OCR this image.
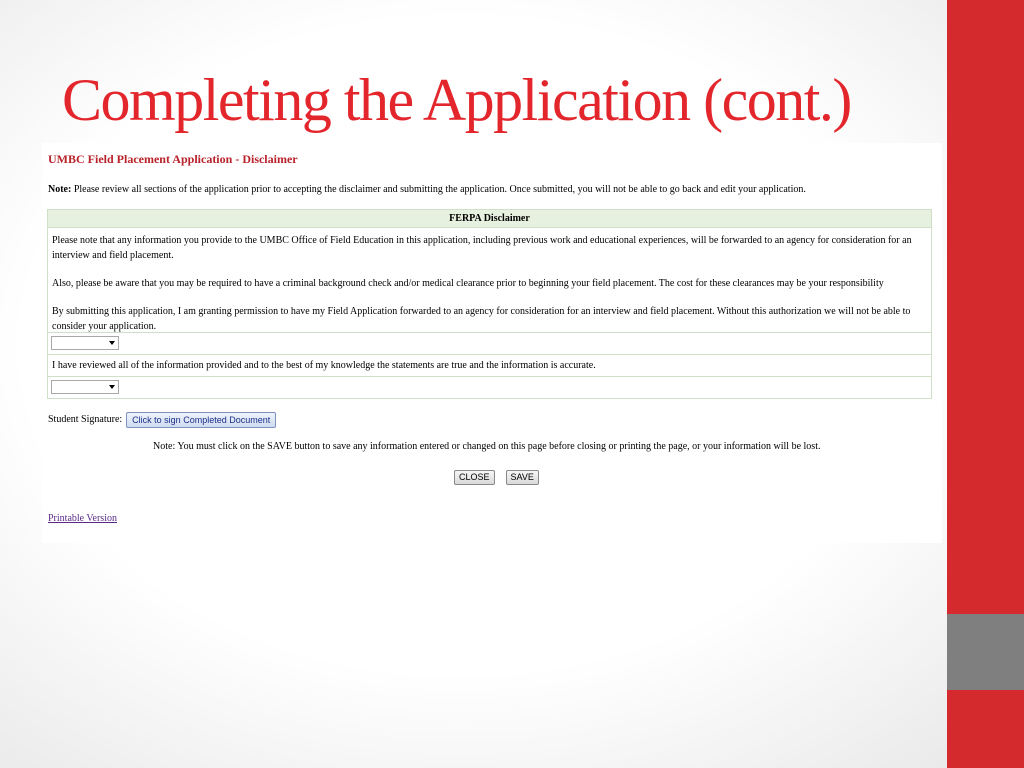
Completing the Application (cont.)
UMBC Field Placement Application - Disclaimer
Note: Please review all sections of the application prior to accepting the disclaimer and submitting the application. Once submitted, you will not be able to go back and edit your application.
FERPA Disclaimer

Please note that any information you provide to the UMBC Office of Field Education in this application, including previous work and educational experiences, will be forwarded to an agency for consideration for an interview and field placement.

Also, please be aware that you may be required to have a criminal background check and/or medical clearance prior to beginning your field placement. The cost for these clearances may be your responsibility

By submitting this application, I am granting permission to have my Field Application forwarded to an agency for consideration for an interview and field placement. Without this authorization we will not be able to consider your application.

I have reviewed all of the information provided and to the best of my knowledge the statements are true and the information is accurate.
Student Signature: Click to sign Completed Document
Note: You must click on the SAVE button to save any information entered or changed on this page before closing or printing the page, or your information will be lost.
CLOSE SAVE
Printable Version
